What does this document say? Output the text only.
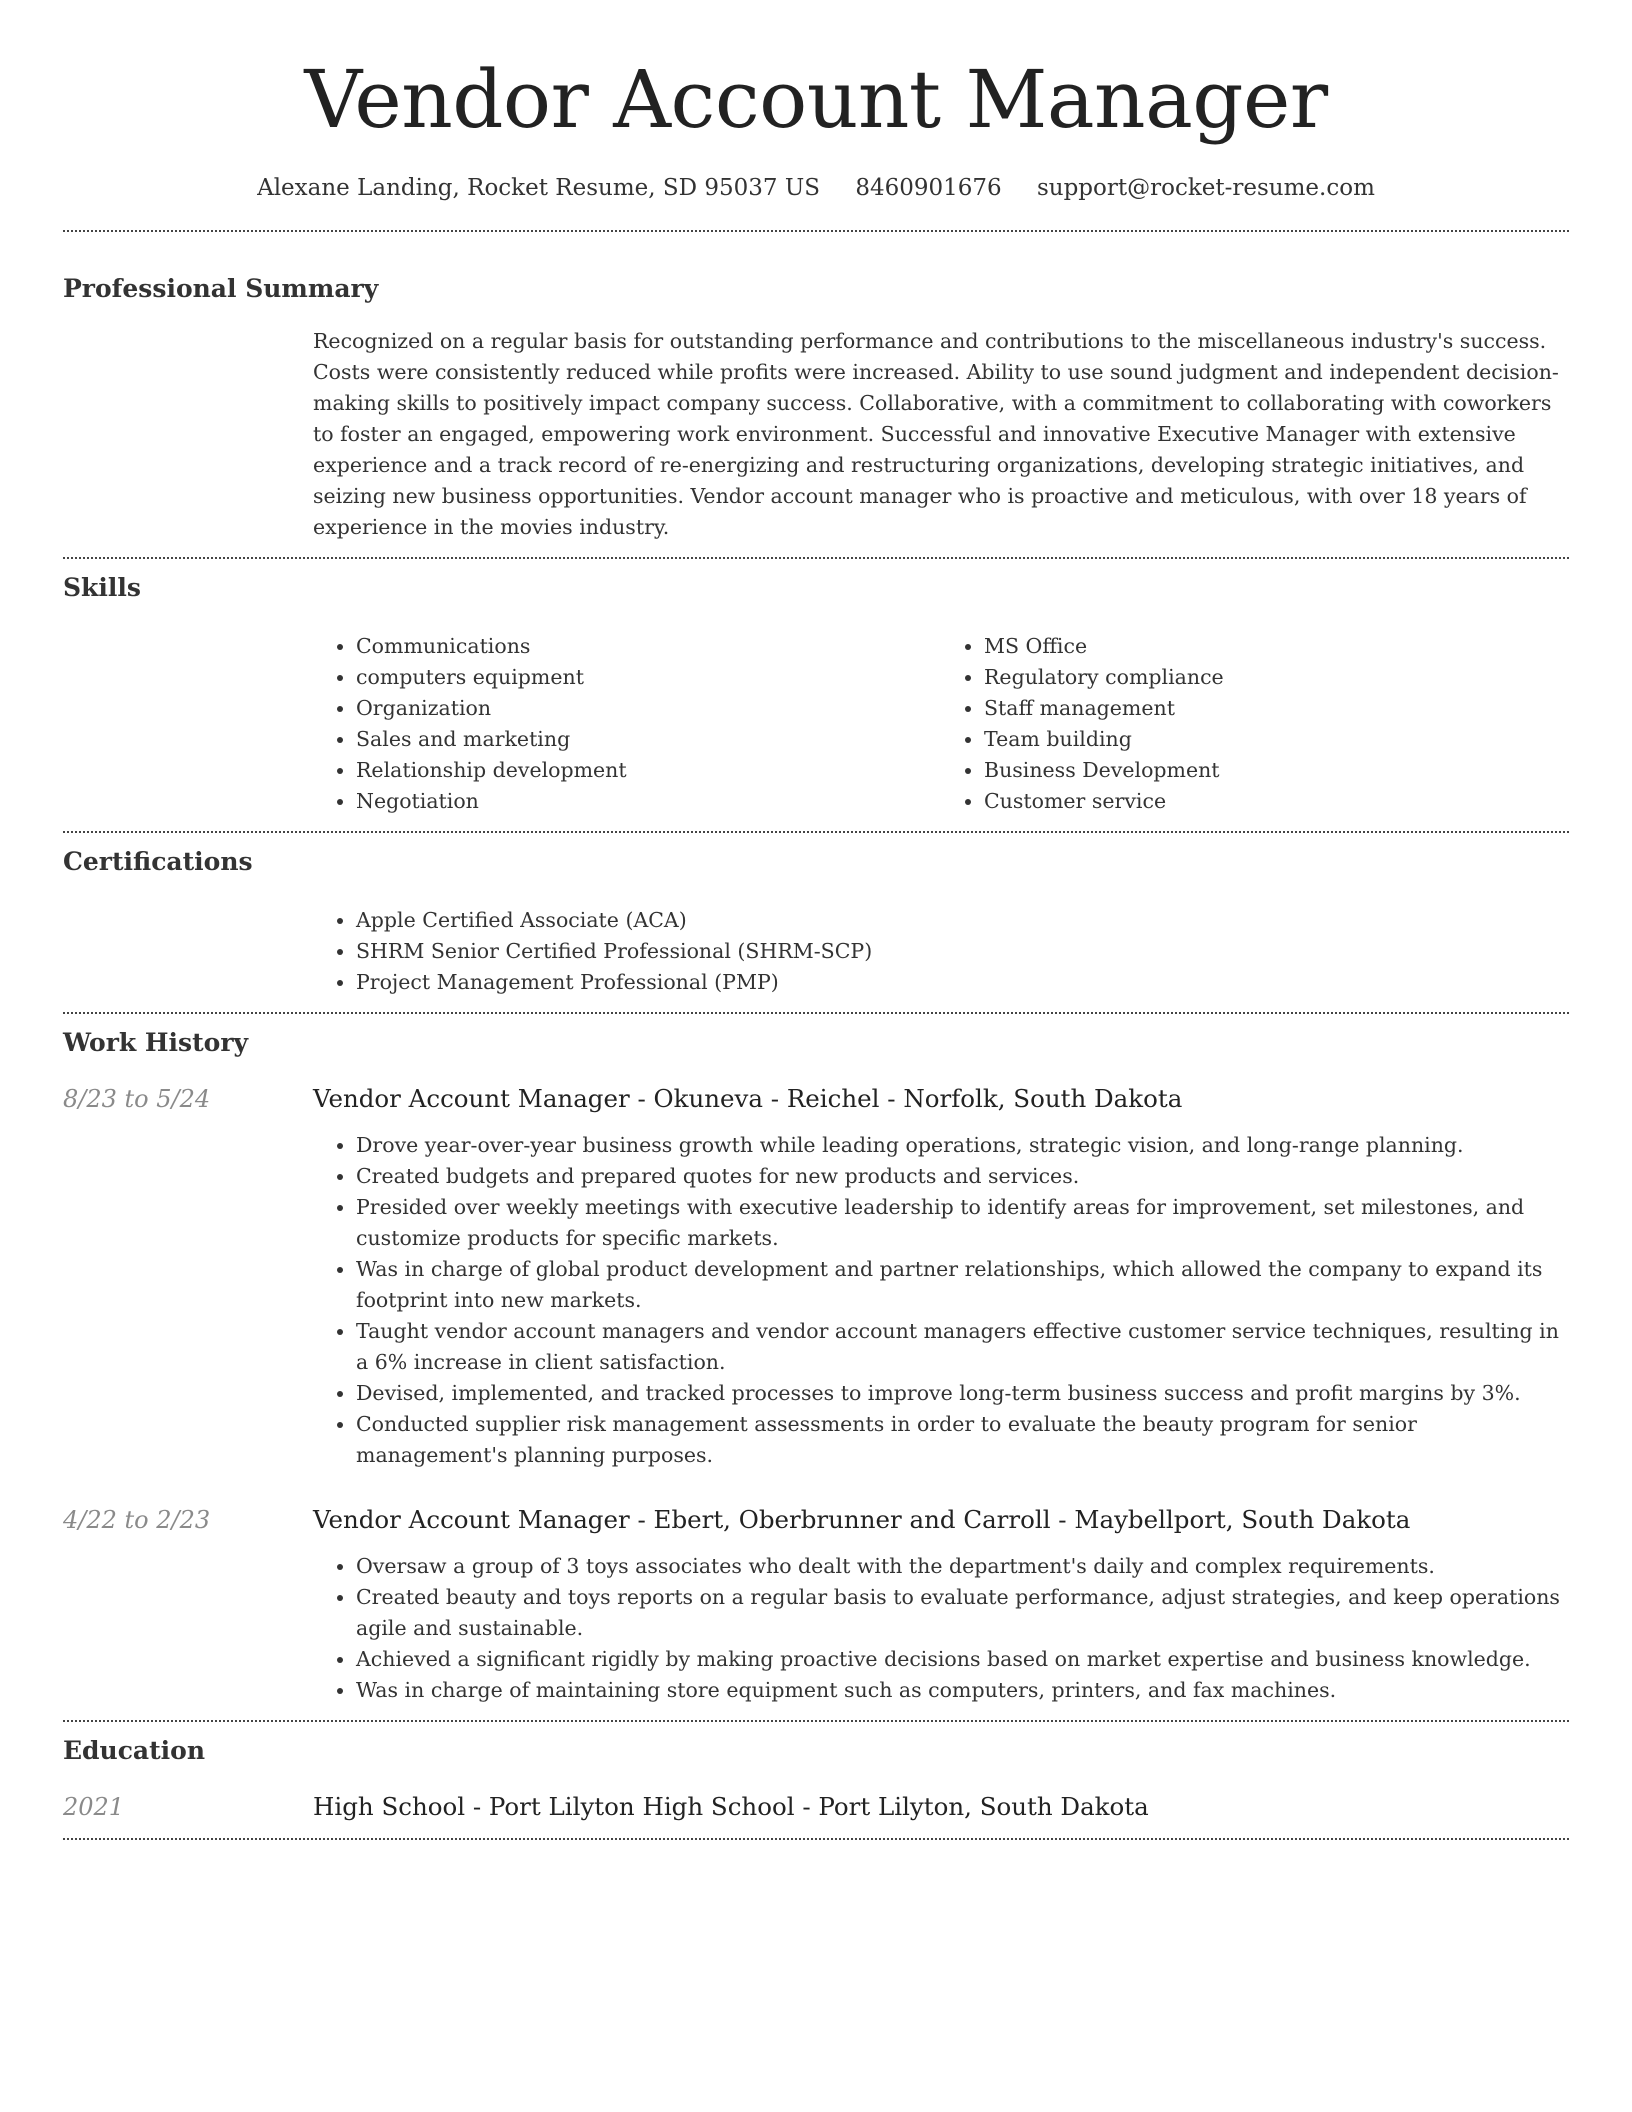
Vendor Account Manager
Alexane Landing, Rocket Resume, SD 95037 US 8460901676 support@rocket-resume.com
Professional Summary

Recognized on a regular basis for outstanding performance and contributions to the miscellaneous industry's success. Costs were consistently reduced while profits were increased. Ability to use sound judgment and independent decision-making skills to positively impact company success. Collaborative, with a commitment to collaborating with coworkers to foster an engaged, empowering work environment. Successful and innovative Executive Manager with extensive experience and a track record of re-energizing and restructuring organizations, developing strategic initiatives, and seizing new business opportunities. Vendor account manager who is proactive and meticulous, with over 18 years of experience in the movies industry.

Skills
• Communications
• computers equipment
• Organization
• Sales and marketing
• Relationship development
• Negotiation
• MS Office
• Regulatory compliance
• Staff management
• Team building
• Business Development
• Customer service
Certifications
• Apple Certified Associate (ACA)
• SHRM Senior Certified Professional (SHRM-SCP)
• Project Management Professional (PMP)
Work History
8/23 to 5/24	Vendor Account Manager - Okuneva - Reichel - Norfolk, South Dakota
• Drove year-over-year business growth while leading operations, strategic vision, and long-range planning.
• Created budgets and prepared quotes for new products and services.
• Presided over weekly meetings with executive leadership to identify areas for improvement, set milestones, and customize products for specific markets.
• Was in charge of global product development and partner relationships, which allowed the company to expand its footprint into new markets.
• Taught vendor account managers and vendor account managers effective customer service techniques, resulting in a 6% increase in client satisfaction.
• Devised, implemented, and tracked processes to improve long-term business success and profit margins by 3%.
• Conducted supplier risk management assessments in order to evaluate the beauty program for senior management's planning purposes.
4/22 to 2/23	Vendor Account Manager - Ebert, Oberbrunner and Carroll - Maybellport, South Dakota
• Oversaw a group of 3 toys associates who dealt with the department's daily and complex requirements.
• Created beauty and toys reports on a regular basis to evaluate performance, adjust strategies, and keep operations agile and sustainable.
• Achieved a significant rigidly by making proactive decisions based on market expertise and business knowledge.
• Was in charge of maintaining store equipment such as computers, printers, and fax machines.
Education
2021	High School - Port Lilyton High School - Port Lilyton, South Dakota
